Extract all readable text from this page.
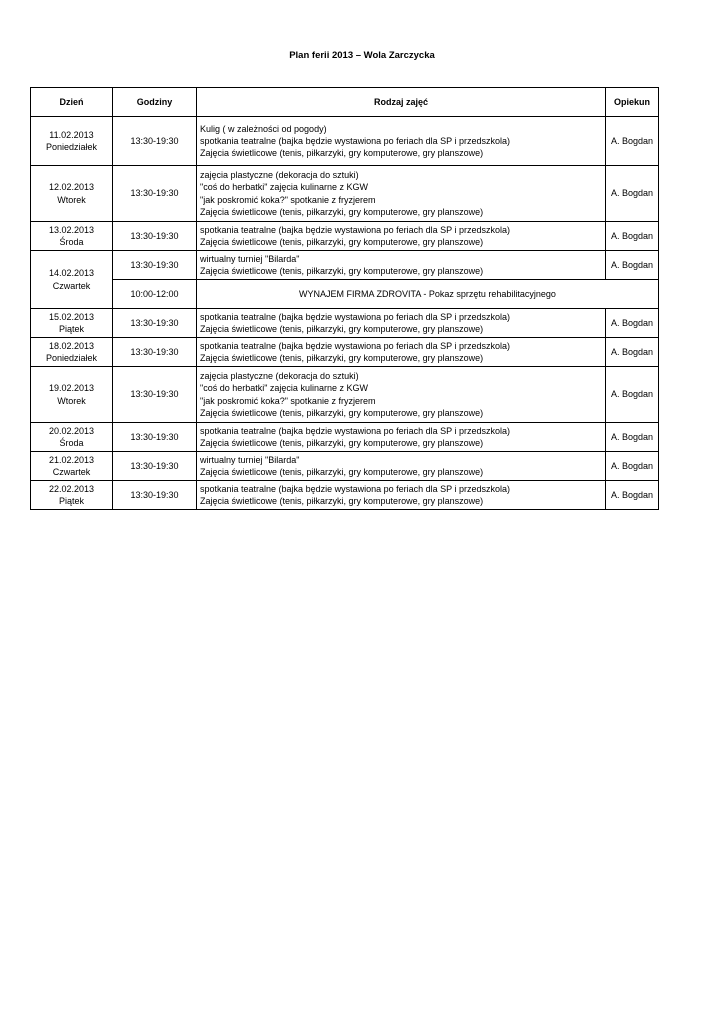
Plan ferii 2013 – Wola Zarczycka
Dzień	Godziny	Rodzaj zajęć	Opiekun

11.02.2013
Poniedziałek	13:30-19:30	Kulig ( w zależności od pogody)
spotkania teatralne (bajka będzie wystawiona po feriach dla SP i przedszkola)
Zajęcia świetlicowe (tenis, piłkarzyki, gry komputerowe, gry planszowe)	A. Bogdan

12.02.2013
Wtorek	13:30-19:30	zajęcia plastyczne (dekoracja do sztuki)
"coś do herbatki" zajęcia kulinarne z KGW
"jak poskromić koka?" spotkanie z fryzjerem
Zajęcia świetlicowe (tenis, piłkarzyki, gry komputerowe, gry planszowe)	A. Bogdan

13.02.2013
Środa	13:30-19:30	spotkania teatralne (bajka będzie wystawiona po feriach dla SP i przedszkola)
Zajęcia świetlicowe (tenis, piłkarzyki, gry komputerowe, gry planszowe)	A. Bogdan

14.02.2013
Czwartek	13:30-19:30	wirtualny turniej "Bilarda"
Zajęcia świetlicowe (tenis, piłkarzyki, gry komputerowe, gry planszowe)	A. Bogdan
	10:00-12:00	WYNAJEM FIRMA ZDROVITA - Pokaz sprzętu rehabilitacyjnego	

15.02.2013
Piątek	13:30-19:30	spotkania teatralne (bajka będzie wystawiona po feriach dla SP i przedszkola)
Zajęcia świetlicowe (tenis, piłkarzyki, gry komputerowe, gry planszowe)	A. Bogdan

18.02.2013
Poniedziałek	13:30-19:30	spotkania teatralne (bajka będzie wystawiona po feriach dla SP i przedszkola)
Zajęcia świetlicowe (tenis, piłkarzyki, gry komputerowe, gry planszowe)	A. Bogdan

19.02.2013
Wtorek	13:30-19:30	zajęcia plastyczne (dekoracja do sztuki)
"coś do herbatki" zajęcia kulinarne z KGW
"jak poskromić koka?" spotkanie z fryzjerem
Zajęcia świetlicowe (tenis, piłkarzyki, gry komputerowe, gry planszowe)	A. Bogdan

20.02.2013
Środa	13:30-19:30	spotkania teatralne (bajka będzie wystawiona po feriach dla SP i przedszkola)
Zajęcia świetlicowe (tenis, piłkarzyki, gry komputerowe, gry planszowe)	A. Bogdan

21.02.2013
Czwartek	13:30-19:30	wirtualny turniej "Bilarda"
Zajęcia świetlicowe (tenis, piłkarzyki, gry komputerowe, gry planszowe)	A. Bogdan

22.02.2013
Piątek	13:30-19:30	spotkania teatralne (bajka będzie wystawiona po feriach dla SP i przedszkola)
Zajęcia świetlicowe (tenis, piłkarzyki, gry komputerowe, gry planszowe)	A. Bogdan
